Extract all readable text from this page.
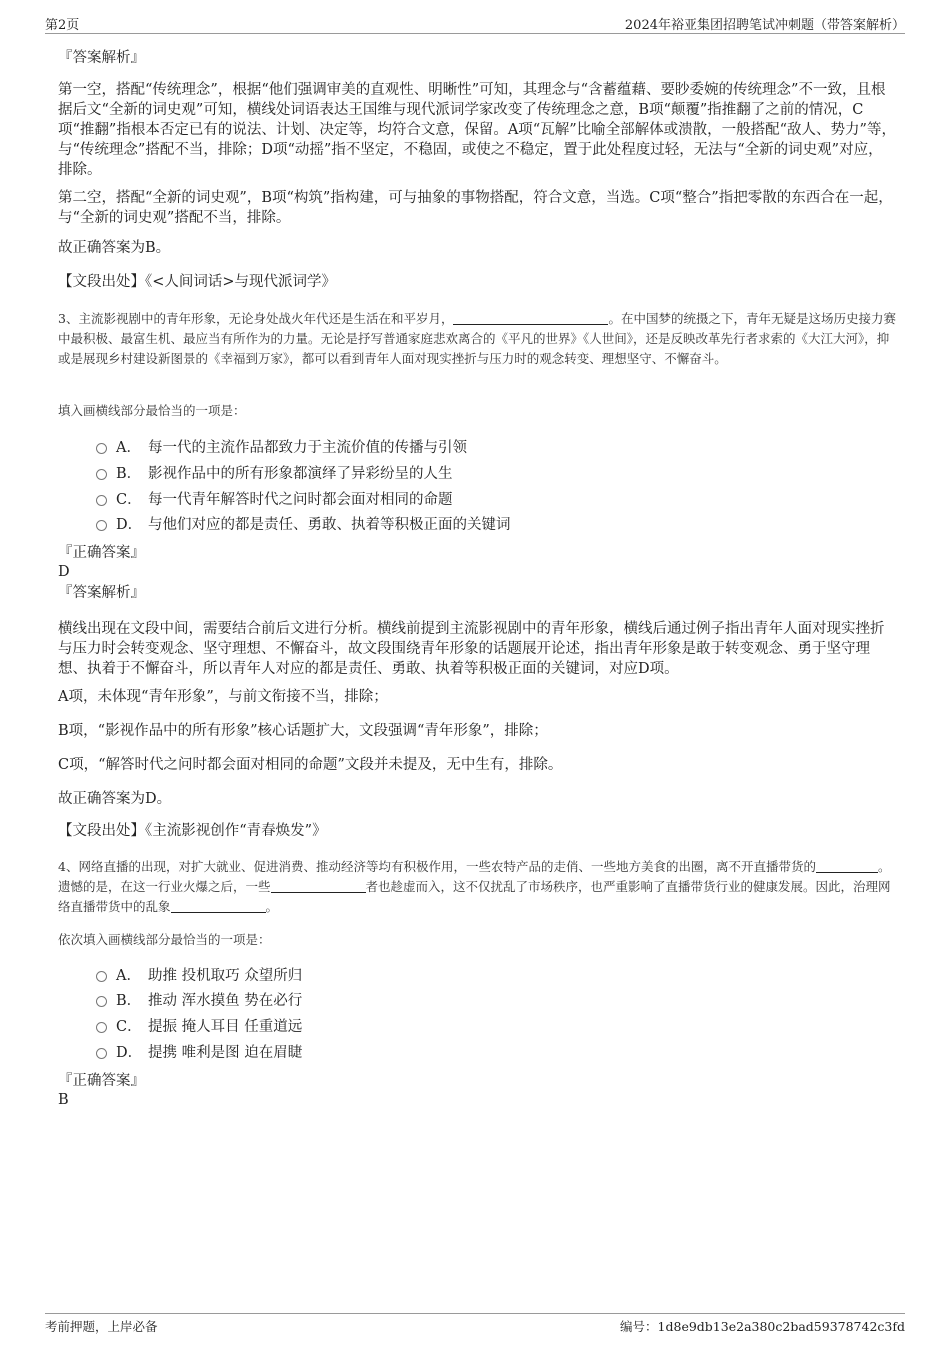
第2页	2024年裕亚集团招聘笔试冲刺题（带答案解析）
『答案解析』

第一空，搭配“传统理念”，根据“他们强调审美的直观性、明晰性”可知，其理念与“含蓄蕴藉、要眇委婉的传统理念”不一致，且根据后文“全新的词史观”可知，横线处词语表达王国维与现代派词学家改变了传统理念之意，B项“颠覆”指推翻了之前的情况，C项“推翻”指根本否定已有的说法、计划、决定等，均符合文意，保留。A项“瓦解”比喻全部解体或溃散，一般搭配“敌人、势力”等，与“传统理念”搭配不当，排除；D项“动摇”指不坚定，不稳固，或使之不稳定，置于此处程度过轻，无法与“全新的词史观”对应，排除。

第二空，搭配“全新的词史观”，B项“构筑”指构建，可与抽象的事物搭配，符合文意，当选。C项“整合”指把零散的东西合在一起，与“全新的词史观”搭配不当，排除。

故正确答案为B。
【文段出处】《<人间词话>与现代派词学》

3、主流影视剧中的青年形象，无论身处战火年代还是生活在和平岁月，	。在中国梦的统摄之下，青年无疑是这场历史接力赛中最积极、最富生机、最应当有所作为的力量。无论是抒写普通家庭悲欢离合的《平凡的世界》《人世间》，还是反映改革先行者求索的《大江大河》，抑或是展现乡村建设新图景的《幸福到万家》，都可以看到青年人面对现实挫折与压力时的观念转变、理想坚守、不懈奋斗。

填入画横线部分最恰当的一项是：
A． 每一代的主流作品都致力于主流价值的传播与引领
B． 影视作品中的所有形象都演绎了异彩纷呈的人生
C． 每一代青年解答时代之问时都会面对相同的命题
D． 与他们对应的都是责任、勇敢、执着等积极正面的关键词
『正确答案』
D
『答案解析』

横线出现在文段中间，需要结合前后文进行分析。横线前提到主流影视剧中的青年形象，横线后通过例子指出青年人面对现实挫折与压力时会转变观念、坚守理想、不懈奋斗，故文段围绕青年形象的话题展开论述，指出青年形象是敢于转变观念、勇于坚守理想、执着于不懈奋斗，所以青年人对应的都是责任、勇敢、执着等积极正面的关键词，对应D项。

A项，未体现“青年形象”，与前文衔接不当，排除；
B项，“影视作品中的所有形象”核心话题扩大，文段强调“青年形象”，排除；
C项，“解答时代之问时都会面对相同的命题”文段并未提及，无中生有，排除。
故正确答案为D。
【文段出处】《主流影视创作“青春焕发”》

4、网络直播的出现，对扩大就业、促进消费、推动经济等均有积极作用，一些农特产品的走俏、一些地方美食的出圈，离不开直播带货的	。遗憾的是，在这一行业火爆之后，一些	者也趁虚而入，这不仅扰乱了市场秩序，也严重影响了直播带货行业的健康发展。因此，治理网络直播带货中的乱象	。

依次填入画横线部分最恰当的一项是：
A． 助推 投机取巧 众望所归
B． 推动 浑水摸鱼 势在必行
C． 提振 掩人耳目 任重道远
D． 提携 唯利是图 迫在眉睫
『正确答案』
B
考前押题，上岸必备	编号：1d8e9db13e2a380c2bad59378742c3fd
